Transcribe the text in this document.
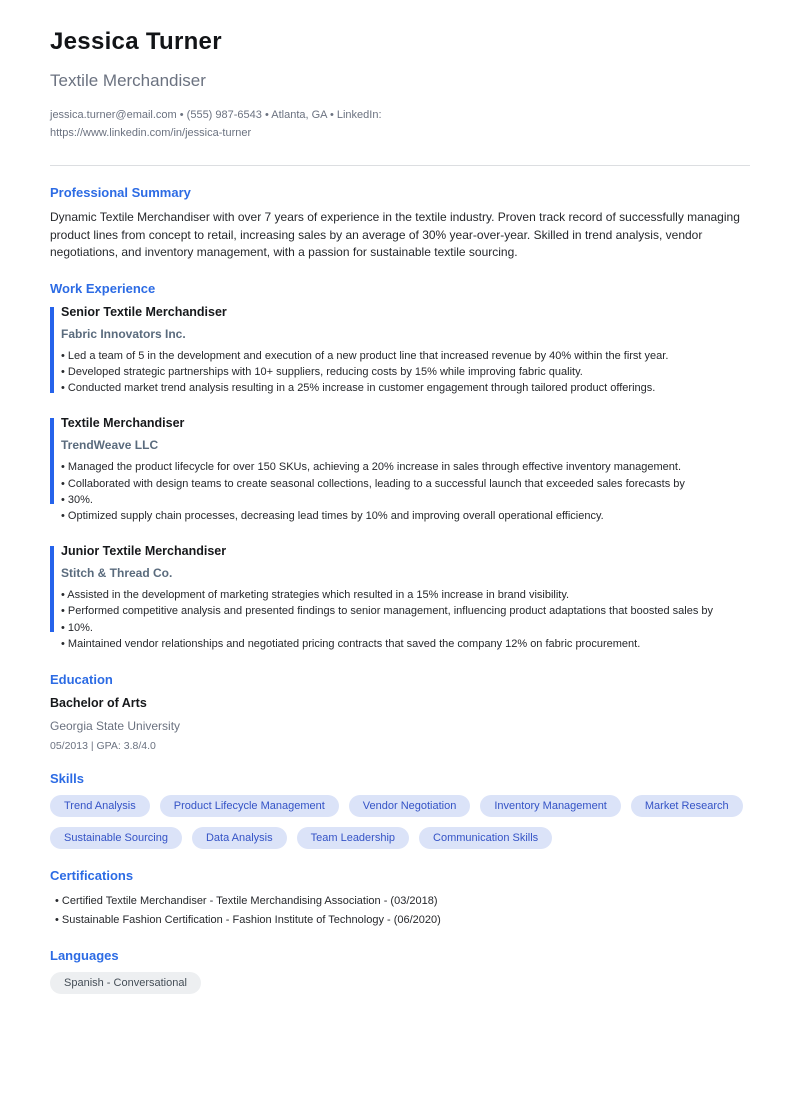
Jessica Turner
Textile Merchandiser
jessica.turner@email.com • (555) 987-6543 • Atlanta, GA • LinkedIn:
https://www.linkedin.com/in/jessica-turner
Professional Summary

Dynamic Textile Merchandiser with over 7 years of experience in the textile industry. Proven track record of successfully managing product lines from concept to retail, increasing sales by an average of 30% year-over-year. Skilled in trend analysis, vendor negotiations, and inventory management, with a passion for sustainable textile sourcing.

Work Experience
Senior Textile Merchandiser
Fabric Innovators Inc.
• Led a team of 5 in the development and execution of a new product line that increased revenue by 40% within the first year.
• Developed strategic partnerships with 10+ suppliers, reducing costs by 15% while improving fabric quality.
• Conducted market trend analysis resulting in a 25% increase in customer engagement through tailored product offerings.
Textile Merchandiser
TrendWeave LLC
• Managed the product lifecycle for over 150 SKUs, achieving a 20% increase in sales through effective inventory management.
• Collaborated with design teams to create seasonal collections, leading to a successful launch that exceeded sales forecasts by
• 30%.
• Optimized supply chain processes, decreasing lead times by 10% and improving overall operational efficiency.
Junior Textile Merchandiser
Stitch & Thread Co.
• Assisted in the development of marketing strategies which resulted in a 15% increase in brand visibility.
• Performed competitive analysis and presented findings to senior management, influencing product adaptations that boosted sales by
• 10%.
• Maintained vendor relationships and negotiated pricing contracts that saved the company 12% on fabric procurement.
Education
Bachelor of Arts
Georgia State University
05/2013 | GPA: 3.8/4.0
Skills
Trend Analysis	Product Lifecycle Management	Vendor Negotiation	Inventory Management	Market Research
Sustainable Sourcing	Data Analysis	Team Leadership	Communication Skills
Certifications
• Certified Textile Merchandiser - Textile Merchandising Association - (03/2018)
• Sustainable Fashion Certification - Fashion Institute of Technology - (06/2020)
Languages
Spanish - Conversational
